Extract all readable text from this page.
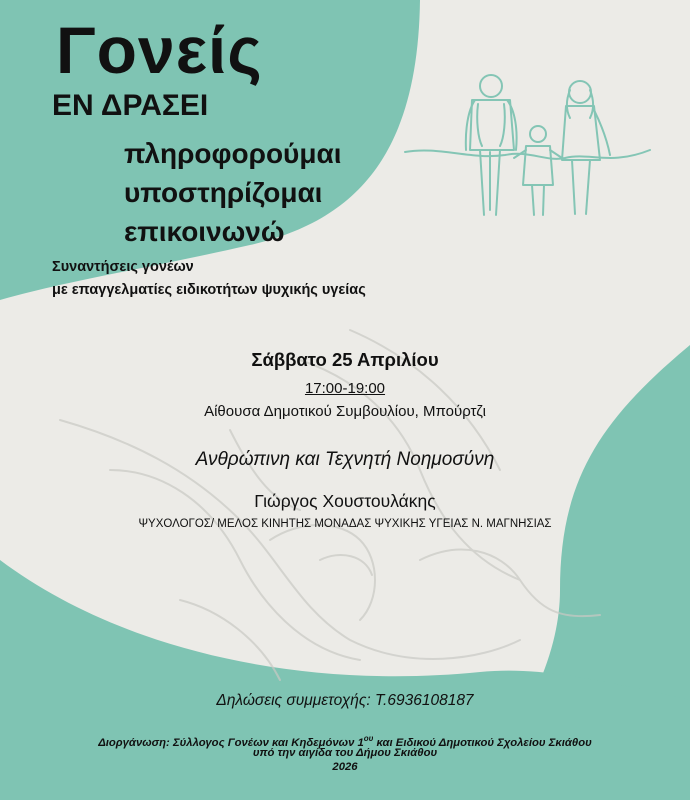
Γονείς
ΕΝ ΔΡΑΣΕΙ
πληροφορούμαι
υποστηρίζομαι
επικοινωνώ
Συναντήσεις γονέων
με επαγγελματίες ειδικοτήτων ψυχικής υγείας
Σάββατο 25 Απριλίου
17:00-19:00
Αίθουσα Δημοτικού Συμβουλίου, Μπούρτζι
Ανθρώπινη και Τεχνητή Νοημοσύνη
Γιώργος Χουστουλάκης
ΨΥΧΟΛΟΓΟΣ/ ΜΕΛΟΣ ΚΙΝΗΤΗΣ ΜΟΝΑΔΑΣ ΨΥΧΙΚΗΣ ΥΓΕΙΑΣ Ν. ΜΑΓΝΗΣΙΑΣ
Δηλώσεις συμμετοχής: Τ.6936108187
Διοργάνωση: Σύλλογος Γονέων και Κηδεμόνων $1^{o\upsilon}$ και Ειδικού Δημοτικού Σχολείου Σκιάθου
υπό την αιγίδα του Δήμου Σκιάθου
2026
